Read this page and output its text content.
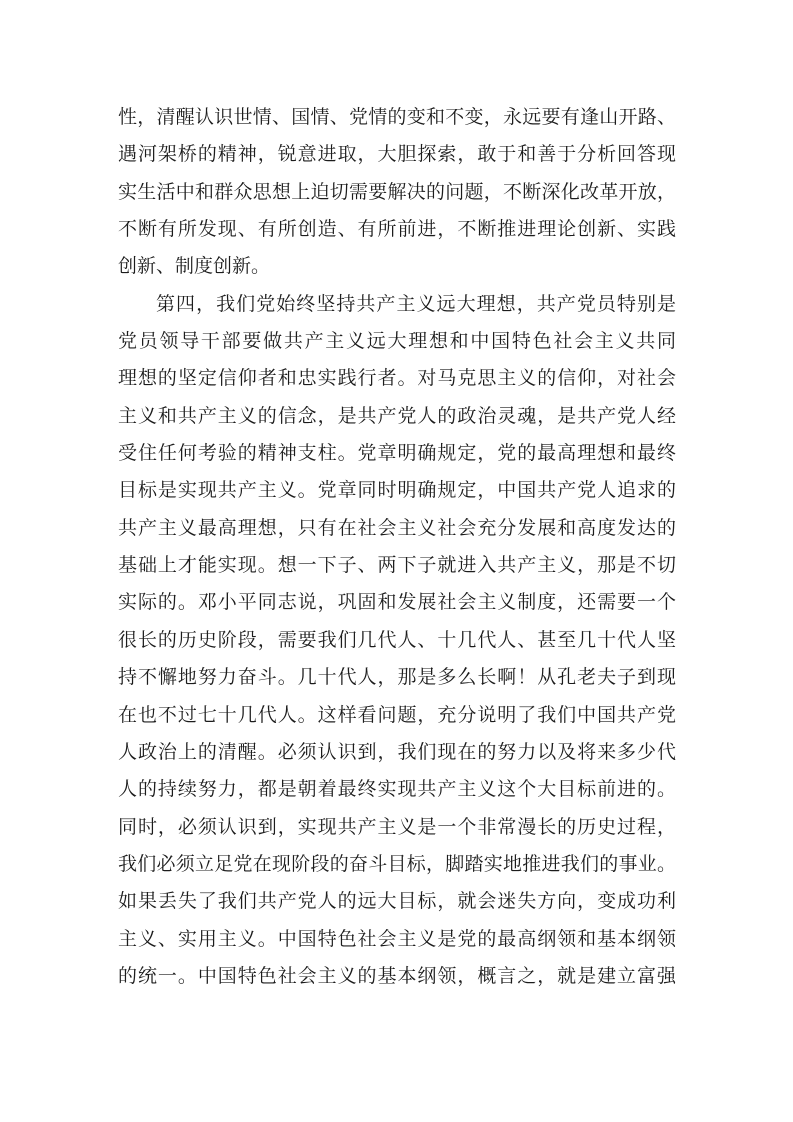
性，清醒认识世情、国情、党情的变和不变，永远要有逢山开路、
遇河架桥的精神，锐意进取，大胆探索，敢于和善于分析回答现
实生活中和群众思想上迫切需要解决的问题，不断深化改革开放，
不断有所发现、有所创造、有所前进，不断推进理论创新、实践
创新、制度创新。
第四，我们党始终坚持共产主义远大理想，共产党员特别是
党员领导干部要做共产主义远大理想和中国特色社会主义共同
理想的坚定信仰者和忠实践行者。对马克思主义的信仰，对社会
主义和共产主义的信念，是共产党人的政治灵魂，是共产党人经
受住任何考验的精神支柱。党章明确规定，党的最高理想和最终
目标是实现共产主义。党章同时明确规定，中国共产党人追求的
共产主义最高理想，只有在社会主义社会充分发展和高度发达的
基础上才能实现。想一下子、两下子就进入共产主义，那是不切
实际的。邓小平同志说，巩固和发展社会主义制度，还需要一个
很长的历史阶段，需要我们几代人、十几代人、甚至几十代人坚
持不懈地努力奋斗。几十代人，那是多么长啊！从孔老夫子到现
在也不过七十几代人。这样看问题，充分说明了我们中国共产党
人政治上的清醒。必须认识到，我们现在的努力以及将来多少代
人的持续努力，都是朝着最终实现共产主义这个大目标前进的。
同时，必须认识到，实现共产主义是一个非常漫长的历史过程，
我们必须立足党在现阶段的奋斗目标，脚踏实地推进我们的事业。
如果丢失了我们共产党人的远大目标，就会迷失方向，变成功利
主义、实用主义。中国特色社会主义是党的最高纲领和基本纲领
的统一。中国特色社会主义的基本纲领，概言之，就是建立富强
